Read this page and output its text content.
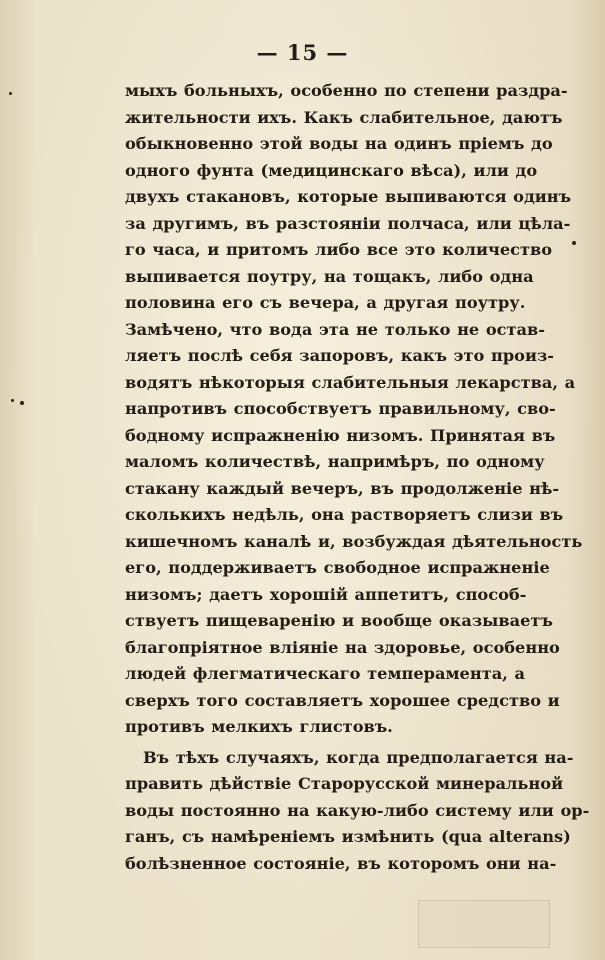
— 15 —
мыхъ больныхъ, особенно по степени раздра-
жительности ихъ. Какъ слабительное, даютъ
обыкновенно этой воды на одинъ пріемъ до
одного фунта (медицинскаго вѣса), или до
двухъ стакановъ, которые выпиваются одинъ
за другимъ, въ разстояніи полчаса, или цѣла-
го часа, и притомъ либо все это количество
выпивается поутру, на тощакъ, либо одна
половина его съ вечера, а другая поутру.
Замѣчено, что вода эта не только не остав-
ляетъ послѣ себя запоровъ, какъ это произ-
водятъ нѣкоторыя слабительныя лекарства, а
напротивъ способствуетъ правильному, сво-
бодному испражненію низомъ. Принятая въ
маломъ количествѣ, напримѣръ, по одному
стакану каждый вечеръ, въ продолженіе нѣ-
сколькихъ недѣль, она растворяетъ слизи въ
кишечномъ каналѣ и, возбуждая дѣятельность
его, поддерживаетъ свободное испражненіе
низомъ; даетъ хорошій аппетитъ, способ-
ствуетъ пищеваренію и вообще оказываетъ
благопріятное вліяніе на здоровье, особенно
людей флегматическаго темперамента, а
сверхъ того составляетъ хорошее средство и
противъ мелкихъ глистовъ.
Въ тѣхъ случаяхъ, когда предполагается на-
править дѣйствіе Старорусской минеральной
воды постоянно на какую-либо систему или ор-
ганъ, съ намѣреніемъ измѣнить (qua alterans)
болѣзненное состояніе, въ которомъ они на-
